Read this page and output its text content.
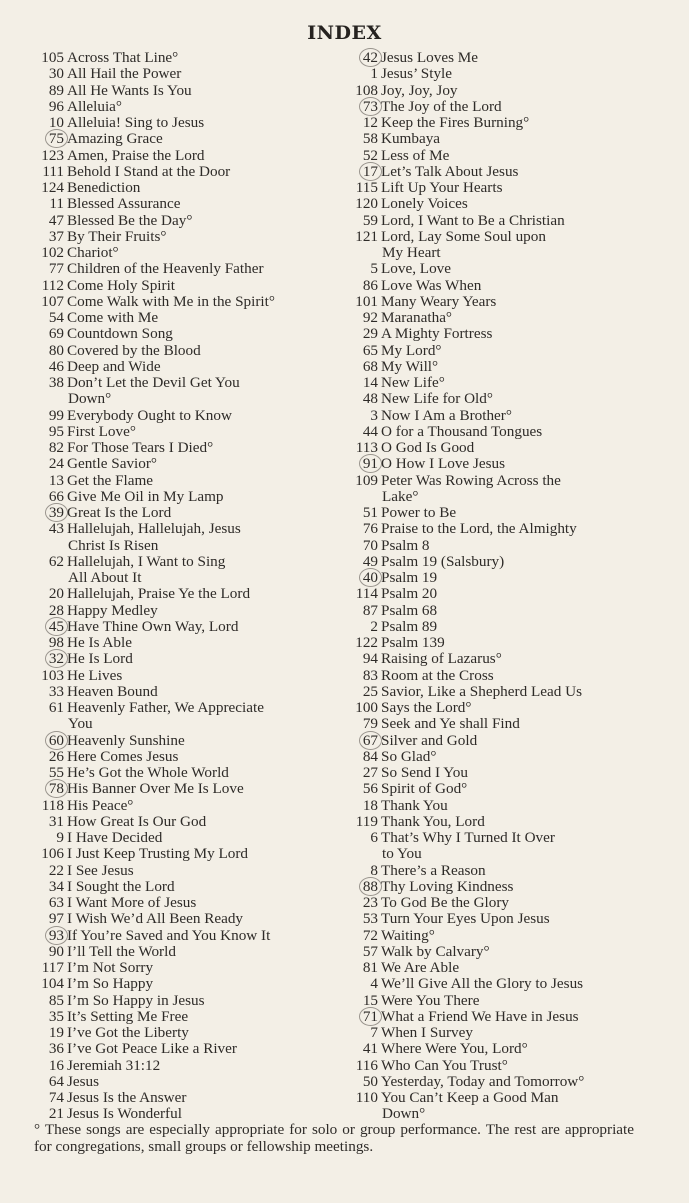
INDEX
105 Across That Line°
30 All Hail the Power
89 All He Wants Is You
96 Alleluia°
10 Alleluia! Sing to Jesus
75 Amazing Grace
123 Amen, Praise the Lord
111 Behold I Stand at the Door
124 Benediction
11 Blessed Assurance
47 Blessed Be the Day°
37 By Their Fruits°
102 Chariot°
77 Children of the Heavenly Father
112 Come Holy Spirit
107 Come Walk with Me in the Spirit°
54 Come with Me
69 Countdown Song
80 Covered by the Blood
46 Deep and Wide
38 Don’t Let the Devil Get You
Down°
99 Everybody Ought to Know
95 First Love°
82 For Those Tears I Died°
24 Gentle Savior°
13 Get the Flame
66 Give Me Oil in My Lamp
39 Great Is the Lord
43 Hallelujah, Hallelujah, Jesus
Christ Is Risen
62 Hallelujah, I Want to Sing
All About It
20 Hallelujah, Praise Ye the Lord
28 Happy Medley
45 Have Thine Own Way, Lord
98 He Is Able
32 He Is Lord
103 He Lives
33 Heaven Bound
61 Heavenly Father, We Appreciate
You
60 Heavenly Sunshine
26 Here Comes Jesus
55 He’s Got the Whole World
78 His Banner Over Me Is Love
118 His Peace°
31 How Great Is Our God
9 I Have Decided
106 I Just Keep Trusting My Lord
22 I See Jesus
34 I Sought the Lord
63 I Want More of Jesus
97 I Wish We’d All Been Ready
93 If You’re Saved and You Know It
90 I’ll Tell the World
117 I’m Not Sorry
104 I’m So Happy
85 I’m So Happy in Jesus
35 It’s Setting Me Free
19 I’ve Got the Liberty
36 I’ve Got Peace Like a River
16 Jeremiah 31:12
64 Jesus
74 Jesus Is the Answer
21 Jesus Is Wonderful
42 Jesus Loves Me
1 Jesus’ Style
108 Joy, Joy, Joy
73 The Joy of the Lord
12 Keep the Fires Burning°
58 Kumbaya
52 Less of Me
17 Let’s Talk About Jesus
115 Lift Up Your Hearts
120 Lonely Voices
59 Lord, I Want to Be a Christian
121 Lord, Lay Some Soul upon
My Heart
5 Love, Love
86 Love Was When
101 Many Weary Years
92 Maranatha°
29 A Mighty Fortress
65 My Lord°
68 My Will°
14 New Life°
48 New Life for Old°
3 Now I Am a Brother°
44 O for a Thousand Tongues
113 O God Is Good
91 O How I Love Jesus
109 Peter Was Rowing Across the
Lake°
51 Power to Be
76 Praise to the Lord, the Almighty
70 Psalm 8
49 Psalm 19 (Salsbury)
40 Psalm 19
114 Psalm 20
87 Psalm 68
2 Psalm 89
122 Psalm 139
94 Raising of Lazarus°
83 Room at the Cross
25 Savior, Like a Shepherd Lead Us
100 Says the Lord°
79 Seek and Ye shall Find
67 Silver and Gold
84 So Glad°
27 So Send I You
56 Spirit of God°
18 Thank You
119 Thank You, Lord
6 That’s Why I Turned It Over
to You
8 There’s a Reason
88 Thy Loving Kindness
23 To God Be the Glory
53 Turn Your Eyes Upon Jesus
72 Waiting°
57 Walk by Calvary°
81 We Are Able
4 We’ll Give All the Glory to Jesus
15 Were You There
71 What a Friend We Have in Jesus
7 When I Survey
41 Where Were You, Lord°
116 Who Can You Trust°
50 Yesterday, Today and Tomorrow°
110 You Can’t Keep a Good Man
Down°
° These songs are especially appropriate for solo or group performance. The rest are appropriate for congregations, small groups or fellowship meetings.
